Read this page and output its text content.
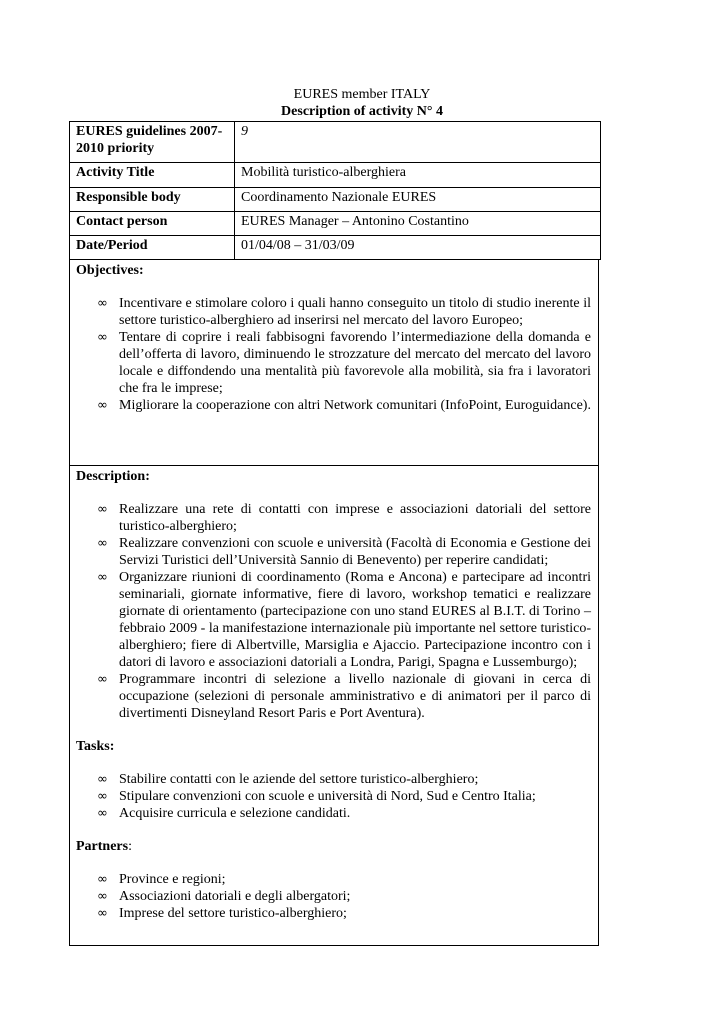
EURES member ITALY
Description of activity N° 4
EURES guidelines 2007-2010 priority	9
Activity Title	Mobilità turistico-alberghiera
Responsible body	Coordinamento Nazionale EURES
Contact person	EURES Manager – Antonino Costantino
Date/Period	01/04/08 – 31/03/09
Objectives:
∞ Incentivare e stimolare coloro i quali hanno conseguito un titolo di studio inerente il settore turistico-alberghiero ad inserirsi nel mercato del lavoro Europeo;
∞ Tentare di coprire i reali fabbisogni favorendo l’intermediazione della domanda e dell’offerta di lavoro, diminuendo le strozzature del mercato del mercato del lavoro locale e diffondendo una mentalità più favorevole alla mobilità, sia fra i lavoratori che fra le imprese;
∞ Migliorare la cooperazione con altri Network comunitari (InfoPoint, Euroguidance).
Description:
∞ Realizzare una rete di contatti con imprese e associazioni datoriali del settore turistico-alberghiero;
∞ Realizzare convenzioni con scuole e università (Facoltà di Economia e Gestione dei Servizi Turistici dell’Università Sannio di Benevento) per reperire candidati;
∞ Organizzare riunioni di coordinamento (Roma e Ancona) e partecipare ad incontri seminariali, giornate informative, fiere di lavoro, workshop tematici e realizzare giornate di orientamento (partecipazione con uno stand EURES al B.I.T. di Torino – febbraio 2009 - la manifestazione internazionale più importante nel settore turistico-alberghiero; fiere di Albertville, Marsiglia e Ajaccio. Partecipazione incontro con i datori di lavoro e associazioni datoriali a Londra, Parigi, Spagna e Lussemburgo);
∞ Programmare incontri di selezione a livello nazionale di giovani in cerca di occupazione (selezioni di personale amministrativo e di animatori per il parco di divertimenti Disneyland Resort Paris e Port Aventura).
Tasks:
∞ Stabilire contatti con le aziende del settore turistico-alberghiero;
∞ Stipulare convenzioni con scuole e università di Nord, Sud e Centro Italia;
∞ Acquisire curricula e selezione candidati.
Partners:
∞ Province e regioni;
∞ Associazioni datoriali e degli albergatori;
∞ Imprese del settore turistico-alberghiero;
